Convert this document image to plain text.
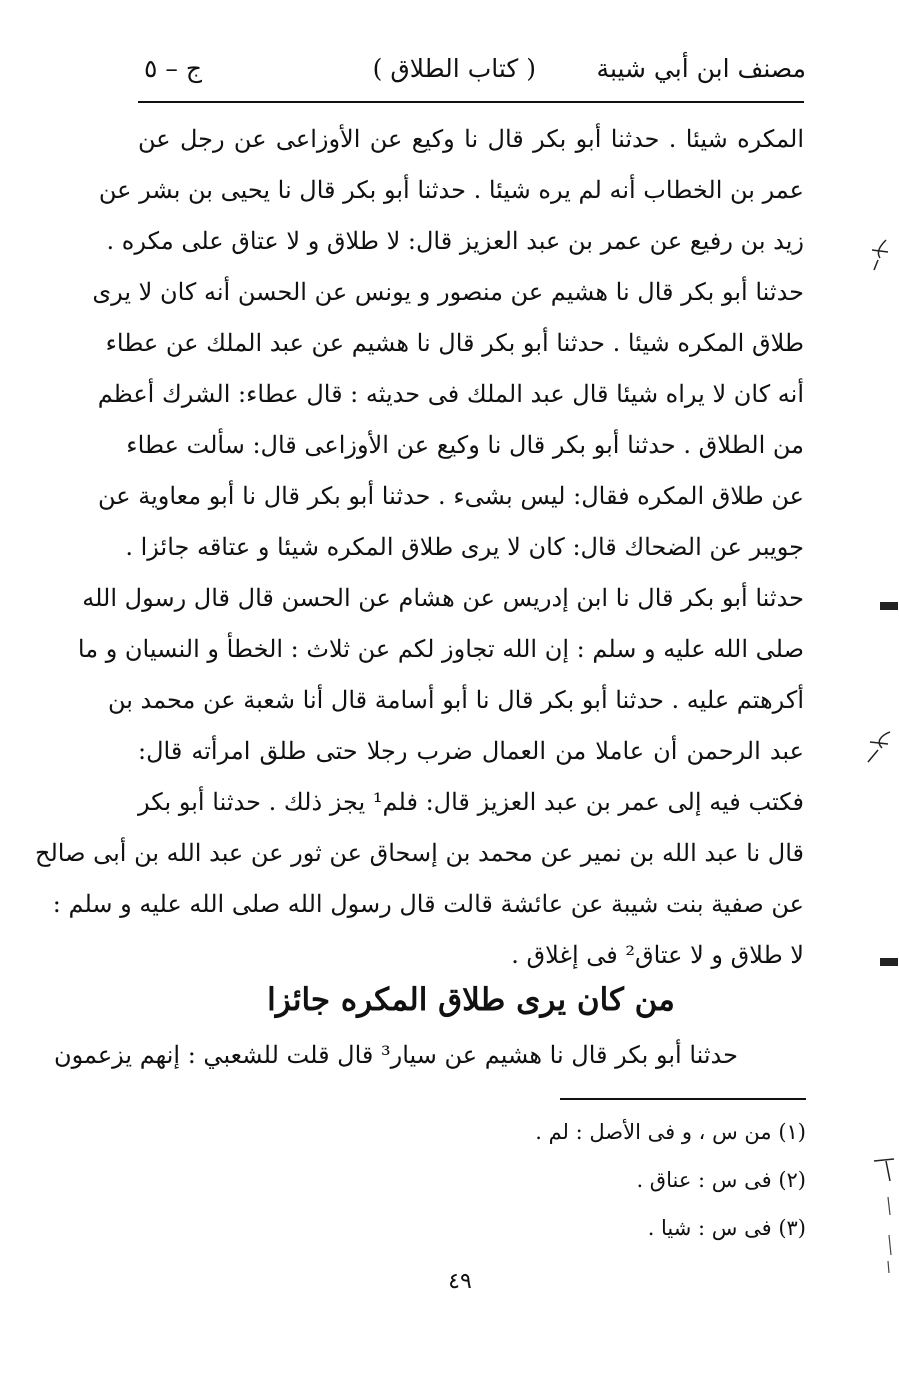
مصنف ابن أبي شيبة
( كتاب الطلاق )
ج – ٥
المكره شيئا . حدثنا أبو بكر قال نا وكيع عن الأوزاعى عن رجل عن
عمر بن الخطاب أنه لم يره شيئا . حدثنا أبو بكر قال نا يحيى بن بشر عن
زيد بن رفيع عن عمر بن عبد العزيز قال: لا طلاق و لا عتاق على مكره .
حدثنا أبو بكر قال نا هشيم عن منصور و يونس عن الحسن أنه كان لا يرى
طلاق المكره شيئا . حدثنا أبو بكر قال نا هشيم عن عبد الملك عن عطاء
أنه كان لا يراه شيئا قال عبد الملك فى حديثه : قال عطاء: الشرك أعظم
من الطلاق . حدثنا أبو بكر قال نا وكيع عن الأوزاعى قال: سألت عطاء
عن طلاق المكره فقال: ليس بشىء . حدثنا أبو بكر قال نا أبو معاوية عن
جويبر عن الضحاك قال: كان لا يرى طلاق المكره شيئا و عتاقه جائزا .
حدثنا أبو بكر قال نا ابن إدريس عن هشام عن الحسن قال قال رسول الله
صلى الله عليه و سلم : إن الله تجاوز لكم عن ثلاث : الخطأ و النسيان و ما
أكرهتم عليه . حدثنا أبو بكر قال نا أبو أسامة قال أنا شعبة عن محمد بن
عبد الرحمن أن عاملا من العمال ضرب رجلا حتى طلق امرأته قال:
فكتب فيه إلى عمر بن عبد العزيز قال: فلم¹ يجز ذلك . حدثنا أبو بكر
قال نا عبد الله بن نمير عن محمد بن إسحاق عن ثور عن عبد الله بن أبى صالح
عن صفية بنت شيبة عن عائشة قالت قال رسول الله صلى الله عليه و سلم :
لا طلاق و لا عتاق² فى إغلاق .
من كان يرى طلاق المكره جائزا
حدثنا أبو بكر قال نا هشيم عن سيار³ قال قلت للشعبي : إنهم يزعمون
(١) من س ، و فى الأصل : لم .
(٢) فى س : عناق .
(٣) فى س : شيا .
٤٩
